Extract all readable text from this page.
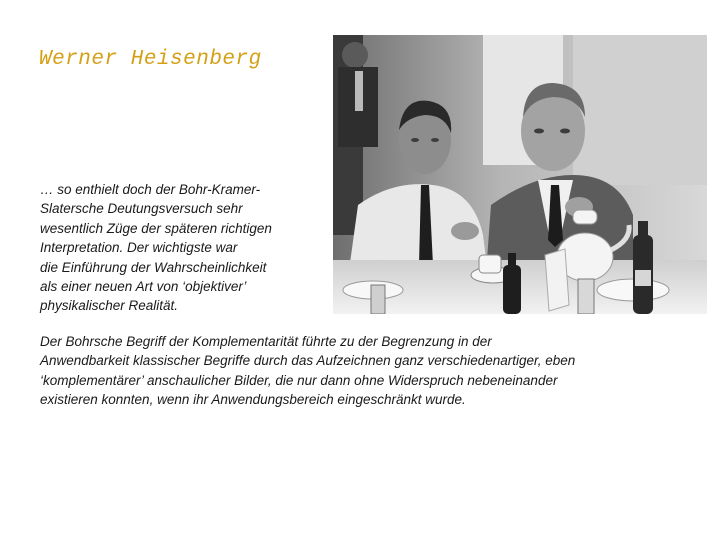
Werner Heisenberg
… so enthielt doch der Bohr-Kramer-
Slatersche Deutungsversuch sehr
wesentlich Züge der späteren richtigen
Interpretation. Der wichtigste war
die Einführung der Wahrscheinlichkeit
als einer neuen Art von ‘objektiver’
physikalischer Realität.
Der Bohrsche Begriff der Komplementarität führte zu der Begrenzung in der
Anwendbarkeit klassischer Begriffe durch das Aufzeichnen ganz verschiedenartiger, eben
‘komplementärer’ anschaulicher Bilder, die nur dann ohne Widerspruch nebeneinander
existieren konnten, wenn ihr Anwendungsbereich eingeschränkt wurde.
